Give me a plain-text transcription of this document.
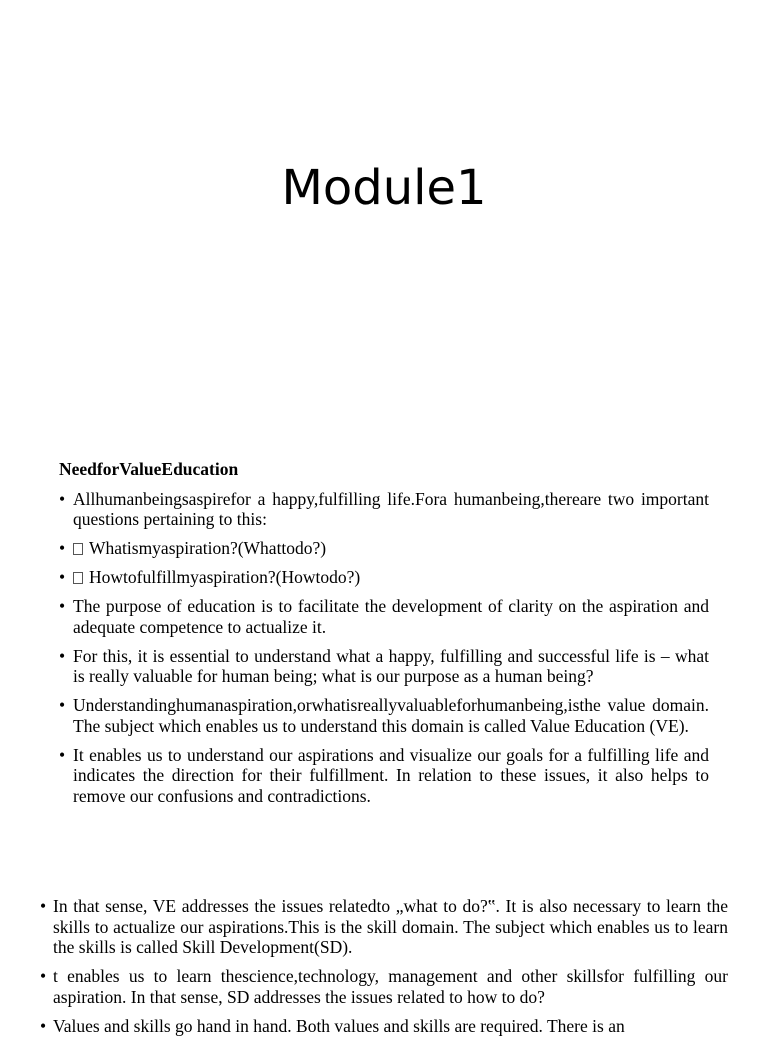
Module1
NeedforValueEducation
• Allhumanbeingsaspirefor a happy,fulfilling life.Fora humanbeing,thereare two important questions pertaining to this:
• Whatismyaspiration?(Whattodo?)
• Howtofulfillmyaspiration?(Howtodo?)
• The purpose of education is to facilitate the development of clarity on the aspiration and adequate competence to actualize it.
• For this, it is essential to understand what a happy, fulfilling and successful life is – what is really valuable for human being; what is our purpose as a human being?
• Understandinghumanaspiration,orwhatisreallyvaluableforhumanbeing,isthe value domain. The subject which enables us to understand this domain is called Value Education (VE).
• It enables us to understand our aspirations and visualize our goals for a fulfilling life and indicates the direction for their fulfillment. In relation to these issues, it also helps to remove our confusions and contradictions.
• In that sense, VE addresses the issues relatedto „what to do?‟. It is also necessary to learn the skills to actualize our aspirations.This is the skill domain. The subject which enables us to learn the skills is called Skill Development(SD).
• t enables us to learn thescience,technology, management and other skillsfor fulfilling our aspiration. In that sense, SD addresses the issues related to how to do?
• Values and skills go hand in hand. Both values and skills are required. There is an
